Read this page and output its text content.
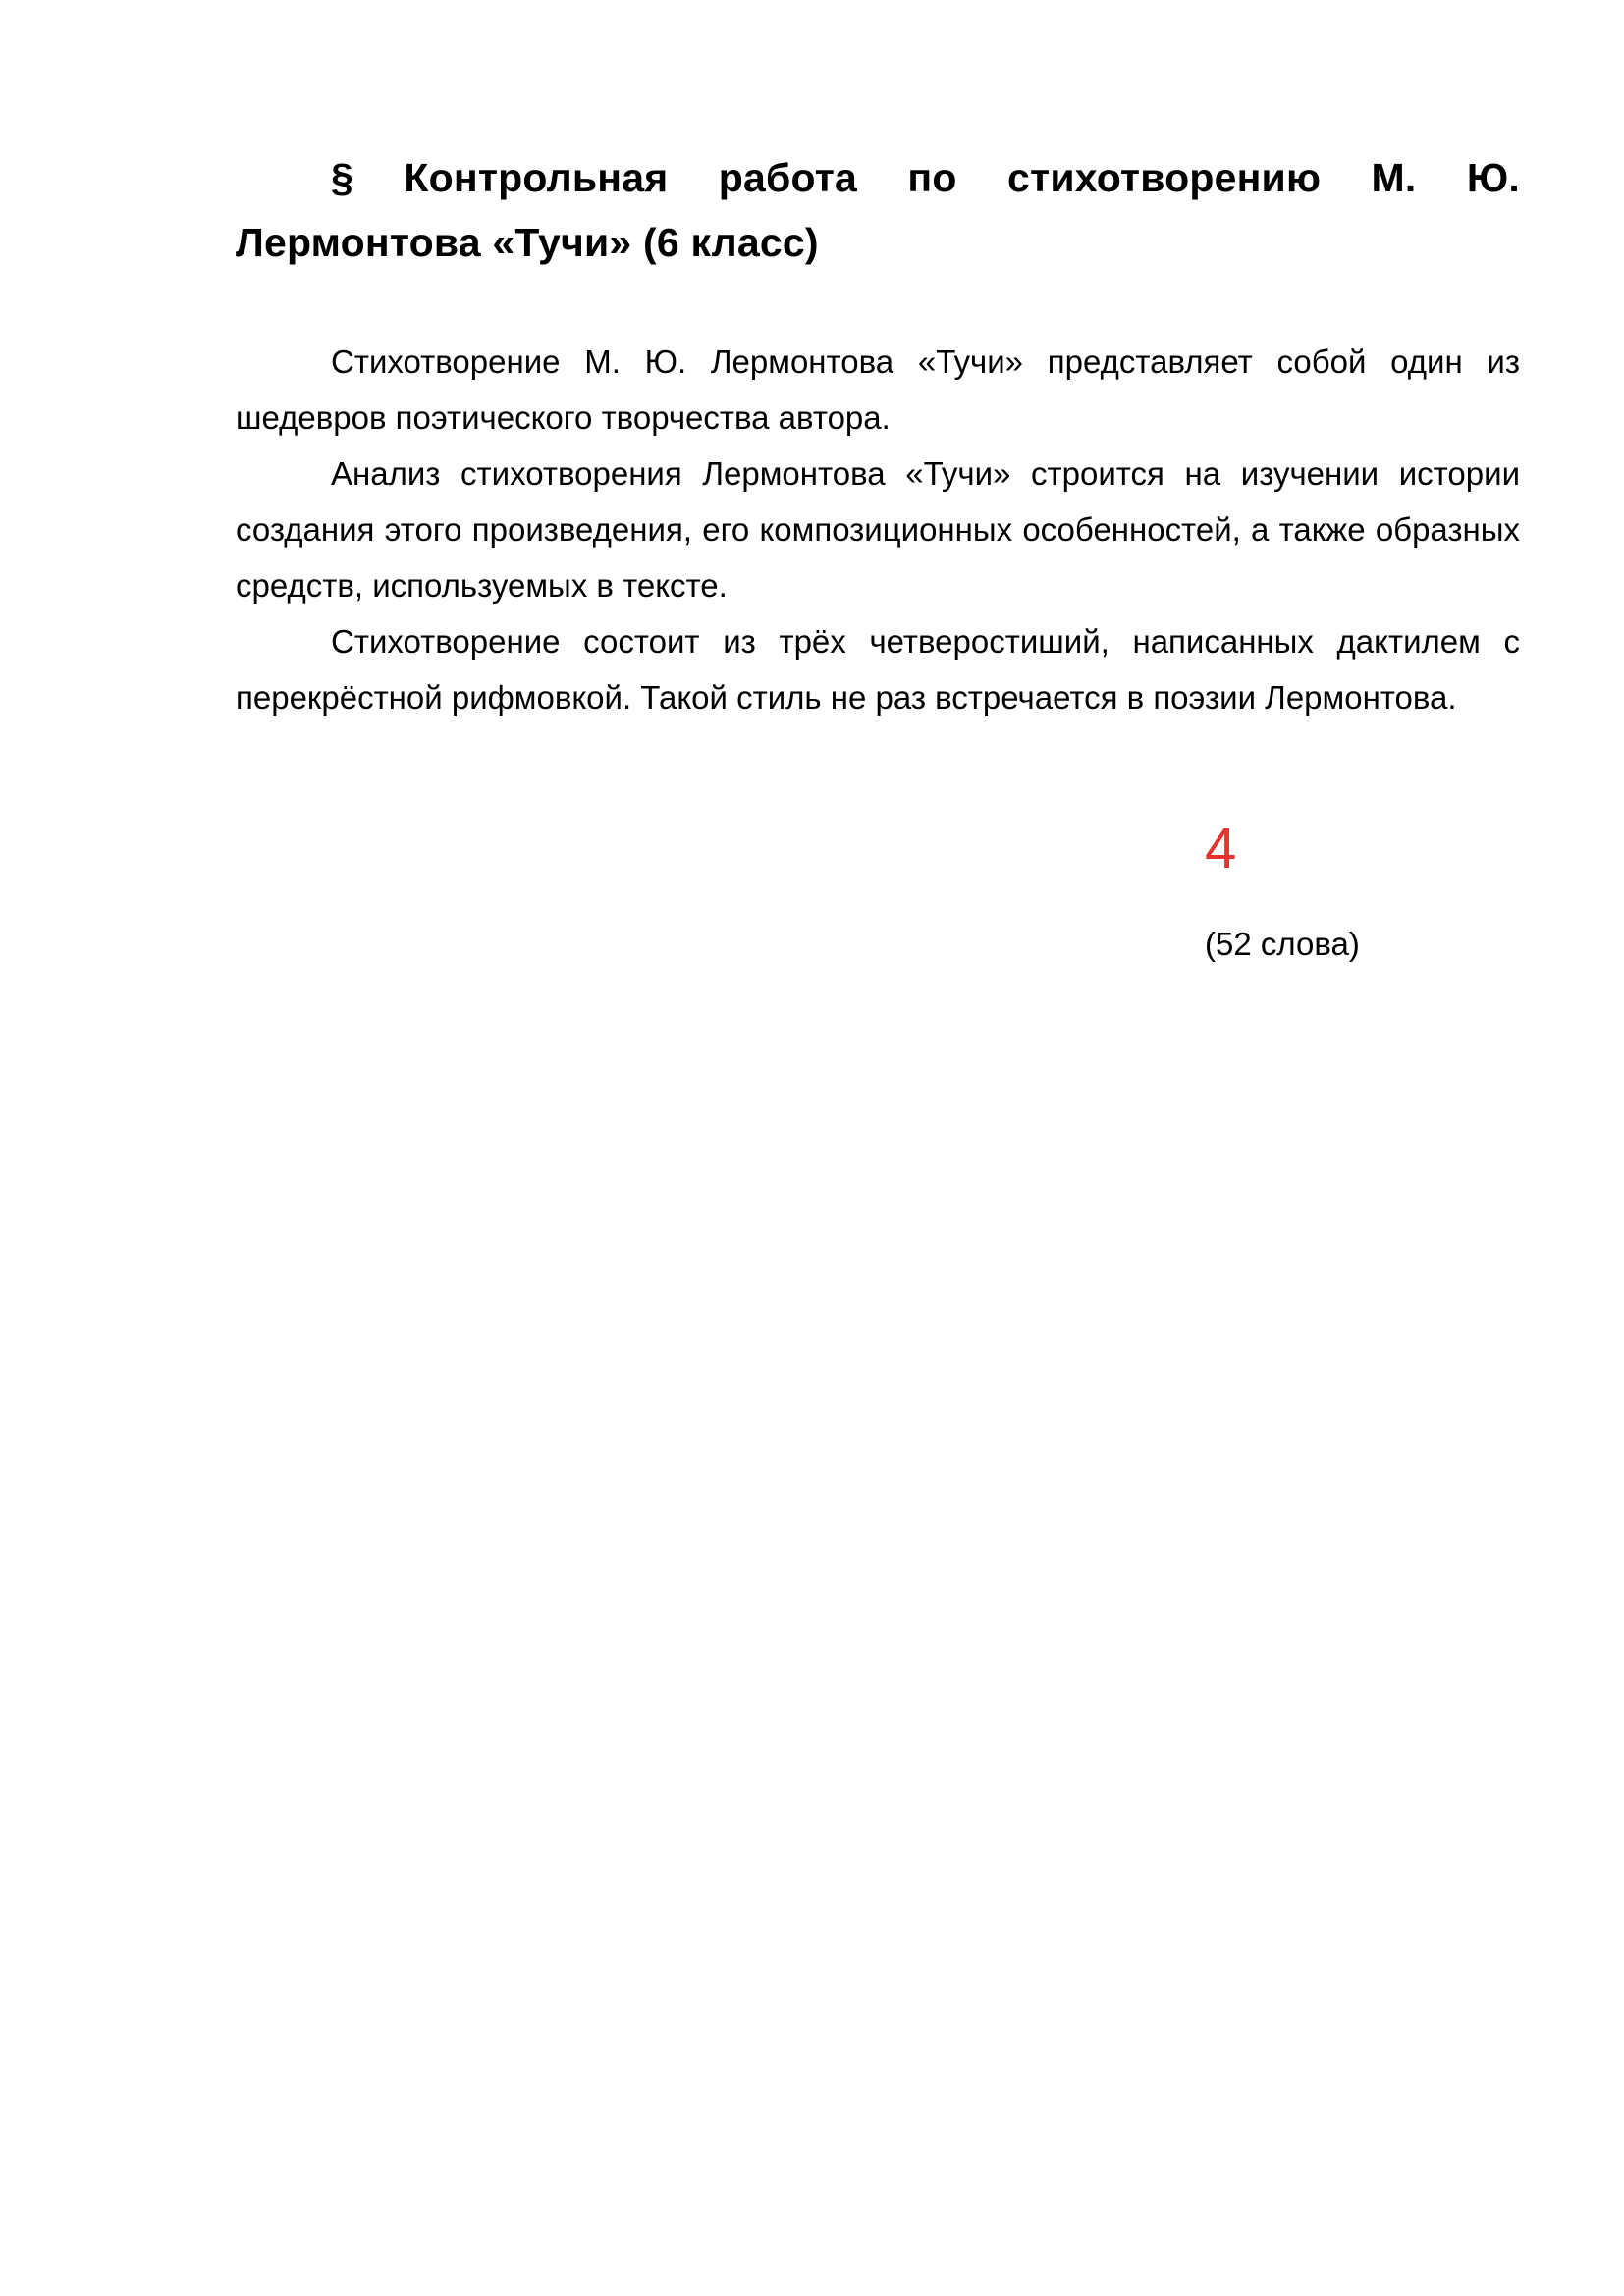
§ Контрольная работа по стихотворению М. Ю. Лермонтова «Тучи» (6 класс)

Стихотворение М. Ю. Лермонтова «Тучи» представляет собой один из шедевров поэтического творчества автора.

Анализ стихотворения Лермонтова «Тучи» строится на изучении истории создания этого произведения, его композиционных особенностей, а также образных средств, используемых в тексте.

Стихотворение состоит из трёх четверостиший, написанных дактилем с перекрёстной рифмовкой. Такой стиль не раз встречается в поэзии Лермонтова.

4
(52 слова)
